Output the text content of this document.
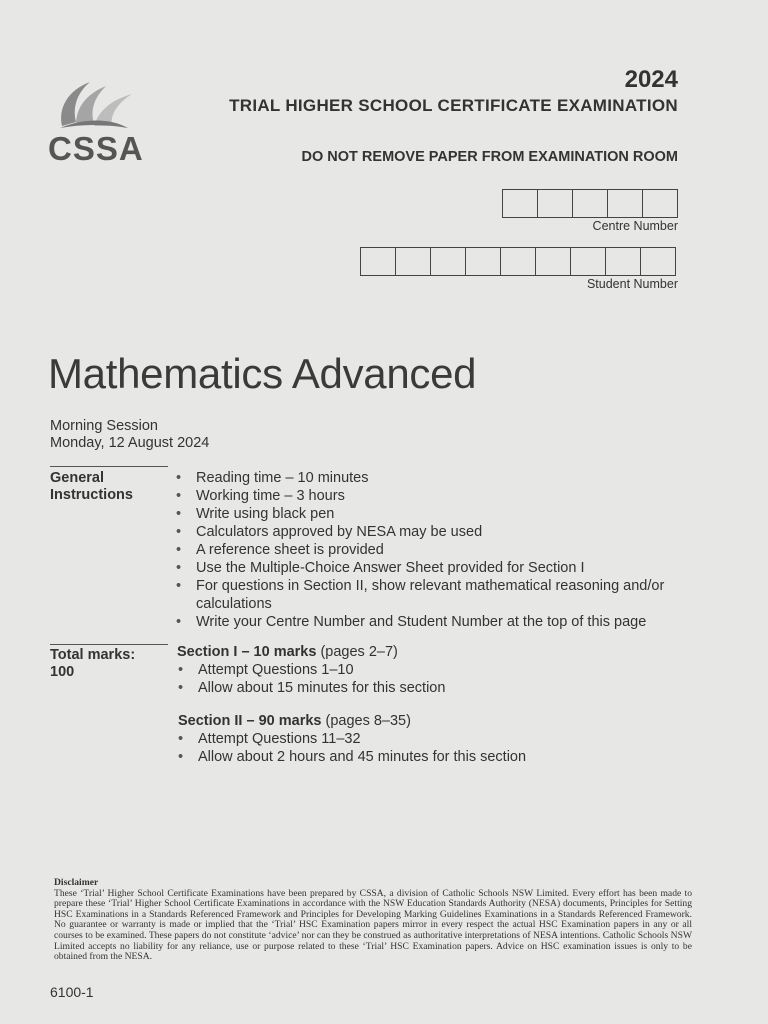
CSSA
2024
TRIAL HIGHER SCHOOL CERTIFICATE EXAMINATION
DO NOT REMOVE PAPER FROM EXAMINATION ROOM
Centre Number
Student Number
Mathematics Advanced
Morning Session
Monday, 12 August 2024
General
Instructions
• Reading time – 10 minutes
• Working time – 3 hours
• Write using black pen
• Calculators approved by NESA may be used
• A reference sheet is provided
• Use the Multiple-Choice Answer Sheet provided for Section I
• For questions in Section II, show relevant mathematical reasoning and/or calculations
• Write your Centre Number and Student Number at the top of this page
Total marks:
100
Section I – 10 marks (pages 2–7)
• Attempt Questions 1–10
• Allow about 15 minutes for this section
Section II – 90 marks (pages 8–35)
• Attempt Questions 11–32
• Allow about 2 hours and 45 minutes for this section
Disclaimer
These ‘Trial’ Higher School Certificate Examinations have been prepared by CSSA, a division of Catholic Schools NSW Limited. Every effort has been made to prepare these ‘Trial’ Higher School Certificate Examinations in accordance with the NSW Education Standards Authority (NESA) documents, Principles for Setting HSC Examinations in a Standards Referenced Framework and Principles for Developing Marking Guidelines Examinations in a Standards Referenced Framework. No guarantee or warranty is made or implied that the ‘Trial’ HSC Examination papers mirror in every respect the actual HSC Examination papers in any or all courses to be examined. These papers do not constitute ‘advice’ nor can they be construed as authoritative interpretations of NESA intentions. Catholic Schools NSW Limited accepts no liability for any reliance, use or purpose related to these ‘Trial’ HSC Examination papers. Advice on HSC examination issues is only to be obtained from the NESA.
6100-1
